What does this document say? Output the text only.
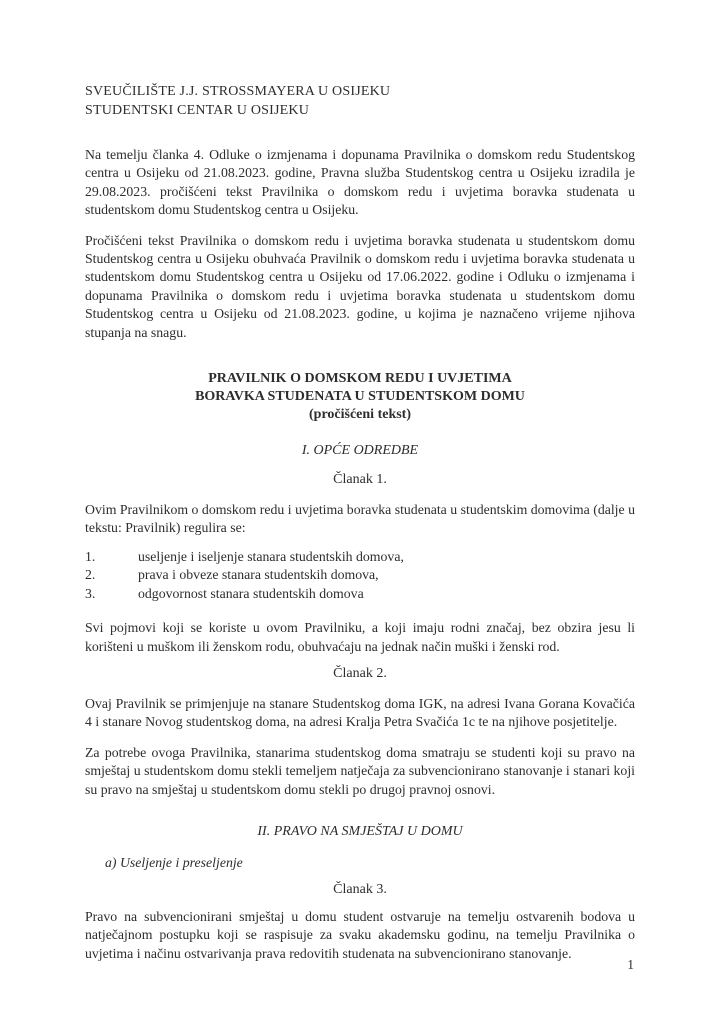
SVEUČILIŠTE J.J. STROSSMAYERA U OSIJEKU
STUDENTSKI CENTAR U OSIJEKU

Na temelju članka 4. Odluke o izmjenama i dopunama Pravilnika o domskom redu Studentskog centra u Osijeku od 21.08.2023. godine, Pravna služba Studentskog centra u Osijeku izradila je 29.08.2023. pročišćeni tekst Pravilnika o domskom redu i uvjetima boravka studenata u studentskom domu Studentskog centra u Osijeku.

Pročišćeni tekst Pravilnika o domskom redu i uvjetima boravka studenata u studentskom domu Studentskog centra u Osijeku obuhvaća Pravilnik o domskom redu i uvjetima boravka studenata u studentskom domu Studentskog centra u Osijeku od 17.06.2022. godine i Odluku o izmjenama i dopunama Pravilnika o domskom redu i uvjetima boravka studenata u studentskom domu Studentskog centra u Osijeku od 21.08.2023. godine, u kojima je naznačeno vrijeme njihova stupanja na snagu.

PRAVILNIK O DOMSKOM REDU I UVJETIMA
BORAVKA STUDENATA U STUDENTSKOM DOMU
(pročišćeni tekst)
I. OPĆE ODREDBE
Članak 1.

Ovim Pravilnikom o domskom redu i uvjetima boravka studenata u studentskim domovima (dalje u tekstu: Pravilnik) regulira se:

1.	useljenje i iseljenje stanara studentskih domova,
2.	prava i obveze stanara studentskih domova,
3.	odgovornost stanara studentskih domova

Svi pojmovi koji se koriste u ovom Pravilniku, a koji imaju rodni značaj, bez obzira jesu li korišteni u muškom ili ženskom rodu, obuhvaćaju na jednak način muški i ženski rod.

Članak 2.

Ovaj Pravilnik se primjenjuje na stanare Studentskog doma IGK, na adresi Ivana Gorana Kovačića 4 i stanare Novog studentskog doma, na adresi Kralja Petra Svačića 1c te na njihove posjetitelje.

Za potrebe ovoga Pravilnika, stanarima studentskog doma smatraju se studenti koji su pravo na smještaj u studentskom domu stekli temeljem natječaja za subvencionirano stanovanje i stanari koji su pravo na smještaj u studentskom domu stekli po drugoj pravnoj osnovi.

II. PRAVO NA SMJEŠTAJ U DOMU
a) Useljenje i preseljenje
Članak 3.

Pravo na subvencionirani smještaj u domu student ostvaruje na temelju ostvarenih bodova u natječajnom postupku koji se raspisuje za svaku akademsku godinu, na temelju Pravilnika o uvjetima i načinu ostvarivanja prava redovitih studenata na subvencionirano stanovanje.

1
